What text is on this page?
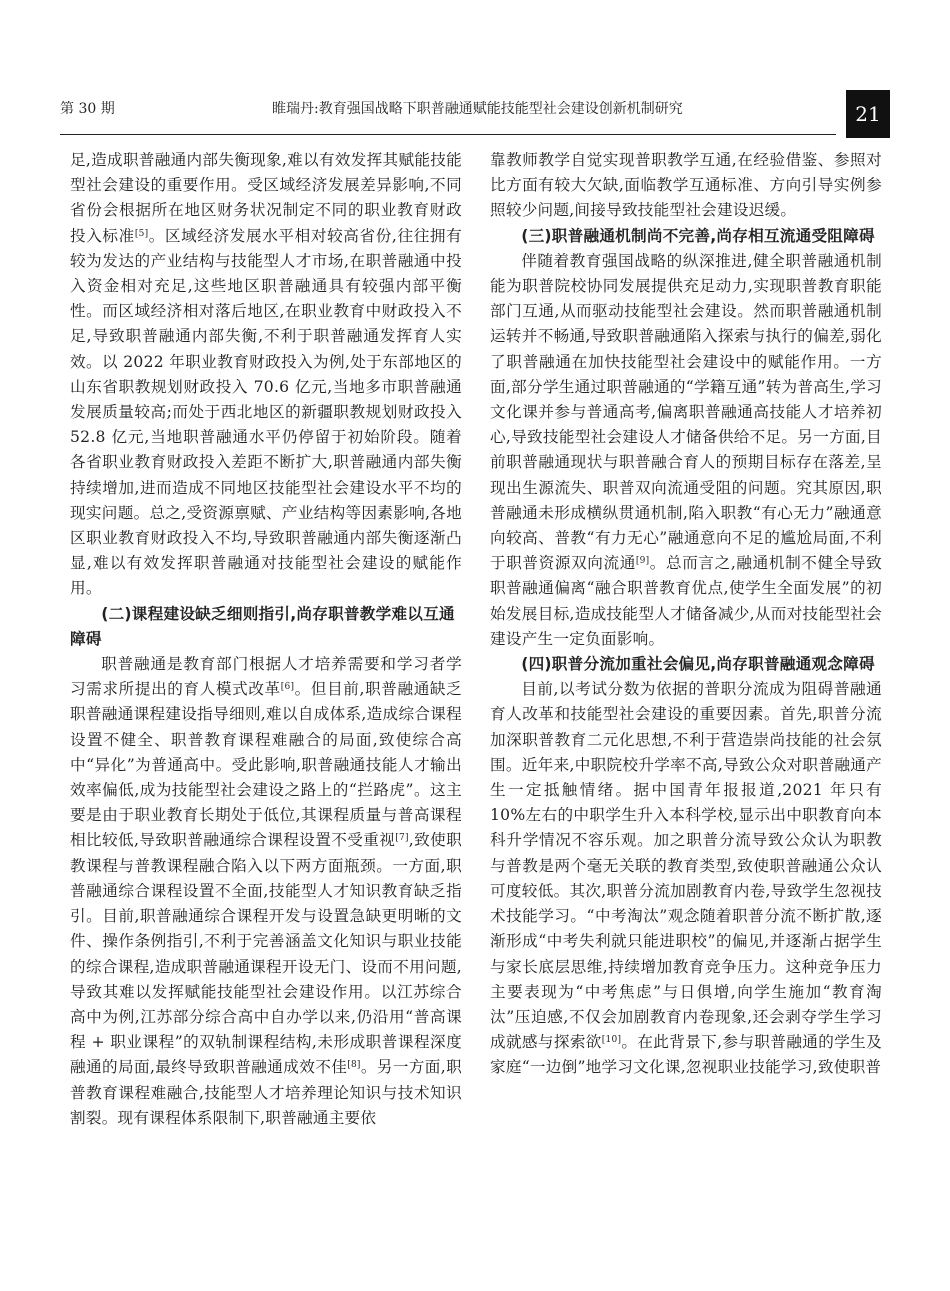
第 30 期	睢瑞丹:教育强国战略下职普融通赋能技能型社会建设创新机制研究	21

足,造成职普融通内部失衡现象,难以有效发挥其赋能技能型社会建设的重要作用。受区域经济发展差异影响,不同省份会根据所在地区财务状况制定不同的职业教育财政投入标准[5]。区域经济发展水平相对较高省份,往往拥有较为发达的产业结构与技能型人才市场,在职普融通中投入资金相对充足,这些地区职普融通具有较强内部平衡性。而区域经济相对落后地区,在职业教育中财政投入不足,导致职普融通内部失衡,不利于职普融通发挥育人实效。以 2022 年职业教育财政投入为例,处于东部地区的山东省职教规划财政投入 70.6 亿元,当地多市职普融通发展质量较高;而处于西北地区的新疆职教规划财政投入 52.8 亿元,当地职普融通水平仍停留于初始阶段。随着各省职业教育财政投入差距不断扩大,职普融通内部失衡持续增加,进而造成不同地区技能型社会建设水平不均的现实问题。总之,受资源禀赋、产业结构等因素影响,各地区职业教育财政投入不均,导致职普融通内部失衡逐渐凸显,难以有效发挥职普融通对技能型社会建设的赋能作用。

(二)课程建设缺乏细则指引,尚存职普教学难以互通障碍

职普融通是教育部门根据人才培养需要和学习者学习需求所提出的育人模式改革[6]。但目前,职普融通缺乏职普融通课程建设指导细则,难以自成体系,造成综合课程设置不健全、职普教育课程难融合的局面,致使综合高中“异化”为普通高中。受此影响,职普融通技能人才输出效率偏低,成为技能型社会建设之路上的“拦路虎”。这主要是由于职业教育长期处于低位,其课程质量与普高课程相比较低,导致职普融通综合课程设置不受重视[7],致使职教课程与普教课程融合陷入以下两方面瓶颈。一方面,职普融通综合课程设置不全面,技能型人才知识教育缺乏指引。目前,职普融通综合课程开发与设置急缺更明晰的文件、操作条例指引,不利于完善涵盖文化知识与职业技能的综合课程,造成职普融通课程开设无门、设而不用问题,导致其难以发挥赋能技能型社会建设作用。以江苏综合高中为例,江苏部分综合高中自办学以来,仍沿用“普高课程 + 职业课程”的双轨制课程结构,未形成职普课程深度融通的局面,最终导致职普融通成效不佳[8]。另一方面,职普教育课程难融合,技能型人才培养理论知识与技术知识割裂。现有课程体系限制下,职普融通主要依

靠教师教学自觉实现普职教学互通,在经验借鉴、参照对比方面有较大欠缺,面临教学互通标准、方向引导实例参照较少问题,间接导致技能型社会建设迟缓。

(三)职普融通机制尚不完善,尚存相互流通受阻障碍

伴随着教育强国战略的纵深推进,健全职普融通机制能为职普院校协同发展提供充足动力,实现职普教育职能部门互通,从而驱动技能型社会建设。然而职普融通机制运转并不畅通,导致职普融通陷入探索与执行的偏差,弱化了职普融通在加快技能型社会建设中的赋能作用。一方面,部分学生通过职普融通的“学籍互通”转为普高生,学习文化课并参与普通高考,偏离职普融通高技能人才培养初心,导致技能型社会建设人才储备供给不足。另一方面,目前职普融通现状与职普融合育人的预期目标存在落差,呈现出生源流失、职普双向流通受阻的问题。究其原因,职普融通未形成横纵贯通机制,陷入职教“有心无力”融通意向较高、普教“有力无心”融通意向不足的尴尬局面,不利于职普资源双向流通[9]。总而言之,融通机制不健全导致职普融通偏离“融合职普教育优点,使学生全面发展”的初始发展目标,造成技能型人才储备减少,从而对技能型社会建设产生一定负面影响。

(四)职普分流加重社会偏见,尚存职普融通观念障碍

目前,以考试分数为依据的普职分流成为阻碍普融通育人改革和技能型社会建设的重要因素。首先,职普分流加深职普教育二元化思想,不利于营造崇尚技能的社会氛围。近年来,中职院校升学率不高,导致公众对职普融通产生一定抵触情绪。据中国青年报报道,2021 年只有 10%左右的中职学生升入本科学校,显示出中职教育向本科升学情况不容乐观。加之职普分流导致公众认为职教与普教是两个毫无关联的教育类型,致使职普融通公众认可度较低。其次,职普分流加剧教育内卷,导致学生忽视技术技能学习。“中考淘汰”观念随着职普分流不断扩散,逐渐形成“中考失利就只能进职校”的偏见,并逐渐占据学生与家长底层思维,持续增加教育竞争压力。这种竞争压力主要表现为“中考焦虑”与日俱增,向学生施加“教育淘汰”压迫感,不仅会加剧教育内卷现象,还会剥夺学生学习成就感与探索欲[10]。在此背景下,参与职普融通的学生及家庭“一边倒”地学习文化课,忽视职业技能学习,致使职普
